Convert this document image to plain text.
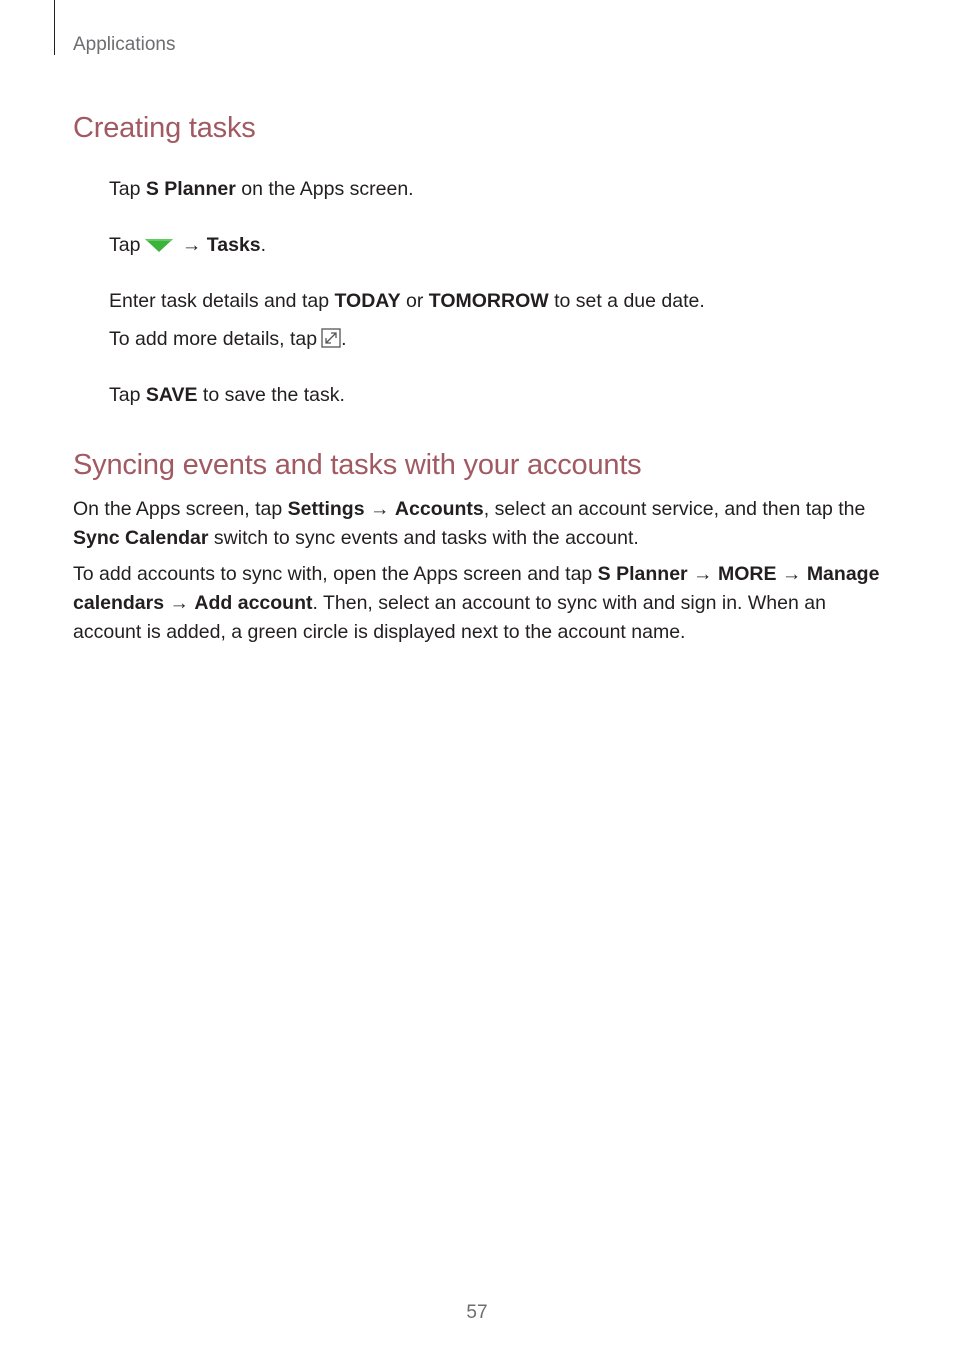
Applications
Creating tasks
Tap S Planner on the Apps screen.
Tap → Tasks.
Enter task details and tap TODAY or TOMORROW to set a due date.
To add more details, tap .
Tap SAVE to save the task.
Syncing events and tasks with your accounts

On the Apps screen, tap Settings → Accounts, select an account service, and then tap the Sync Calendar switch to sync events and tasks with the account.

To add accounts to sync with, open the Apps screen and tap S Planner → MORE → Manage calendars → Add account. Then, select an account to sync with and sign in. When an account is added, a green circle is displayed next to the account name.

57
